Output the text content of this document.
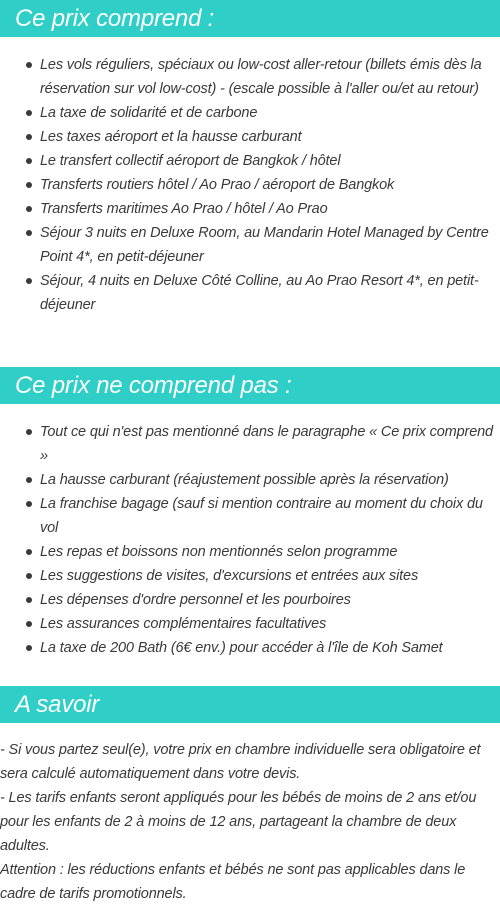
Ce prix comprend :
Les vols réguliers, spéciaux ou low-cost aller-retour (billets émis dès la réservation sur vol low-cost) - (escale possible à l'aller ou/et au retour)
La taxe de solidarité et de carbone
Les taxes aéroport et la hausse carburant
Le transfert collectif aéroport de Bangkok / hôtel
Transferts routiers hôtel / Ao Prao / aéroport de Bangkok
Transferts maritimes Ao Prao / hôtel / Ao Prao
Séjour 3 nuits en Deluxe Room, au Mandarin Hotel Managed by Centre Point 4*, en petit-déjeuner
Séjour, 4 nuits en Deluxe Côté Colline, au Ao Prao Resort 4*, en petit-déjeuner
Ce prix ne comprend pas :
Tout ce qui n'est pas mentionné dans le paragraphe « Ce prix comprend »
La hausse carburant (réajustement possible après la réservation)
La franchise bagage (sauf si mention contraire au moment du choix du vol
Les repas et boissons non mentionnés selon programme
Les suggestions de visites, d'excursions et entrées aux sites
Les dépenses d'ordre personnel et les pourboires
Les assurances complémentaires facultatives
La taxe de 200 Bath (6€ env.) pour accéder à l'île de Koh Samet
A savoir

- Si vous partez seul(e), votre prix en chambre individuelle sera obligatoire et sera calculé automatiquement dans votre devis.

- Les tarifs enfants seront appliqués pour les bébés de moins de 2 ans et/ou pour les enfants de 2 à moins de 12 ans, partageant la chambre de deux adultes.

Attention : les réductions enfants et bébés ne sont pas applicables dans le cadre de tarifs promotionnels.
